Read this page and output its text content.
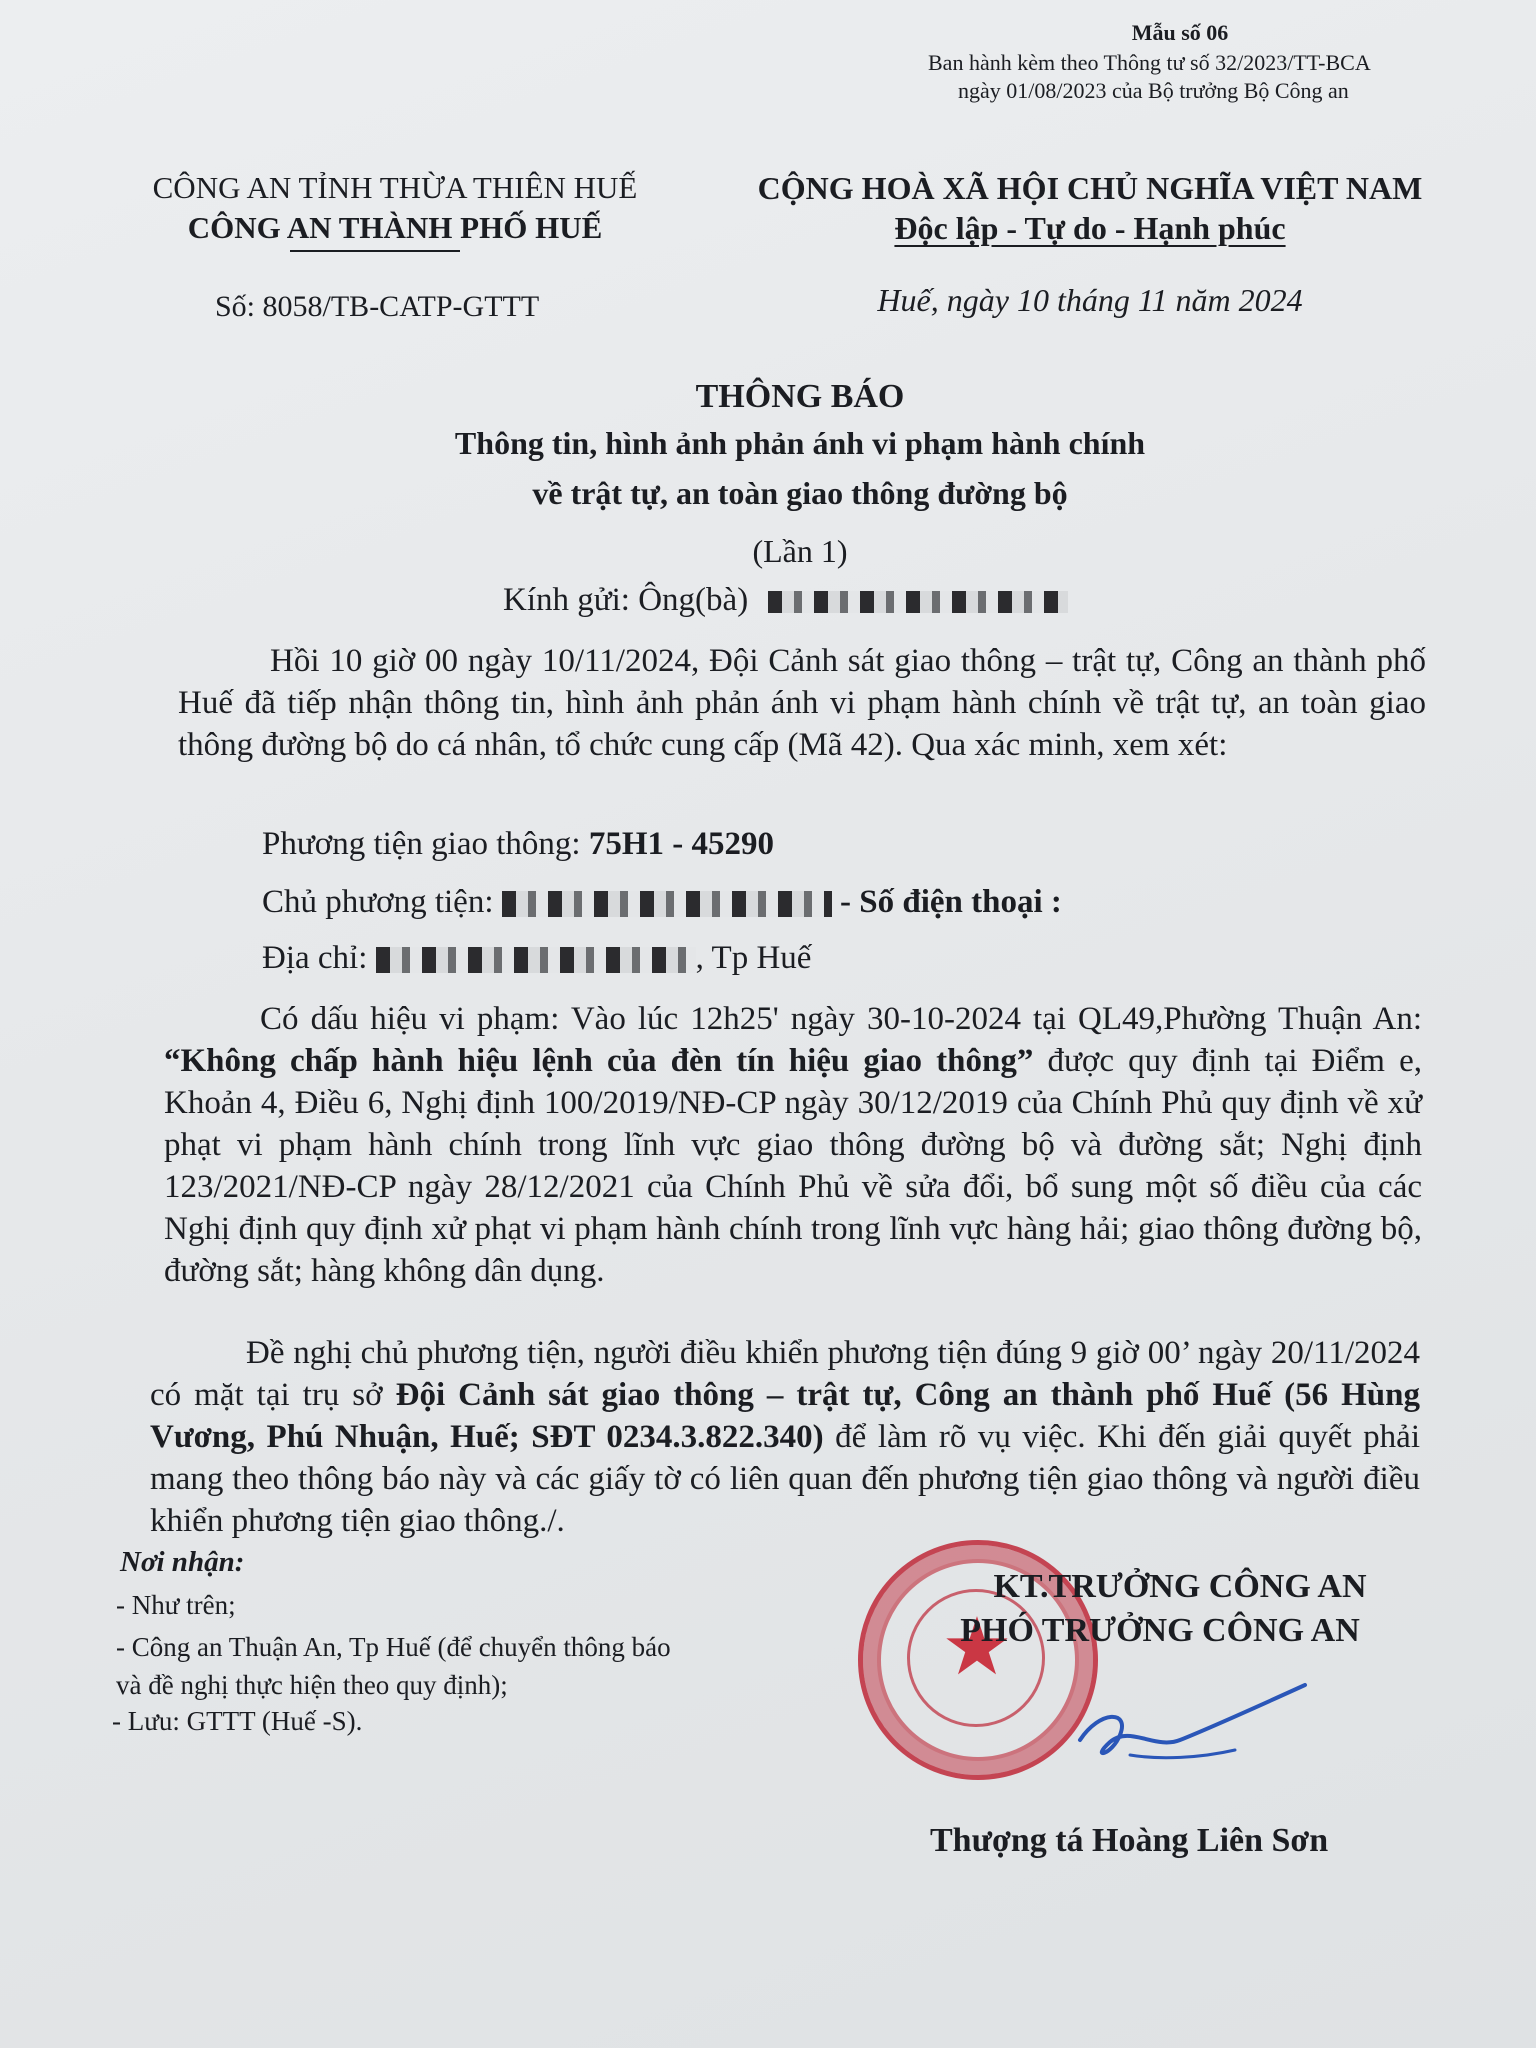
Mẫu số 06
Ban hành kèm theo Thông tư số 32/2023/TT-BCA
ngày 01/08/2023 của Bộ trưởng Bộ Công an
CÔNG AN TỈNH THỪA THIÊN HUẾ
CÔNG AN THÀNH PHỐ HUẾ
Số: 8058/TB-CATP-GTTT
CỘNG HOÀ XÃ HỘI CHỦ NGHĨA VIỆT NAM
Độc lập - Tự do - Hạnh phúc
Huế, ngày 10 tháng 11 năm 2024
THÔNG BÁO
Thông tin, hình ảnh phản ánh vi phạm hành chính
về trật tự, an toàn giao thông đường bộ
(Lần 1)
Kính gửi: Ông(bà)
Hồi 10 giờ 00 ngày 10/11/2024, Đội Cảnh sát giao thông – trật tự, Công an thành phố Huế đã tiếp nhận thông tin, hình ảnh phản ánh vi phạm hành chính về trật tự, an toàn giao thông đường bộ do cá nhân, tổ chức cung cấp (Mã 42). Qua xác minh, xem xét:
Phương tiện giao thông: 75H1 - 45290
Chủ phương tiện:	- Số điện thoại :
Địa chỉ:	, Tp Huế
Có dấu hiệu vi phạm: Vào lúc 12h25' ngày 30-10-2024 tại QL49,Phường Thuận An: “Không chấp hành hiệu lệnh của đèn tín hiệu giao thông” được quy định tại Điểm e, Khoản 4, Điều 6, Nghị định 100/2019/NĐ-CP ngày 30/12/2019 của Chính Phủ quy định về xử phạt vi phạm hành chính trong lĩnh vực giao thông đường bộ và đường sắt; Nghị định 123/2021/NĐ-CP ngày 28/12/2021 của Chính Phủ về sửa đổi, bổ sung một số điều của các Nghị định quy định xử phạt vi phạm hành chính trong lĩnh vực hàng hải; giao thông đường bộ, đường sắt; hàng không dân dụng.
Đề nghị chủ phương tiện, người điều khiển phương tiện đúng 9 giờ 00’ ngày 20/11/2024 có mặt tại trụ sở Đội Cảnh sát giao thông – trật tự, Công an thành phố Huế (56 Hùng Vương, Phú Nhuận, Huế; SĐT 0234.3.822.340) để làm rõ vụ việc. Khi đến giải quyết phải mang theo thông báo này và các giấy tờ có liên quan đến phương tiện giao thông và người điều khiển phương tiện giao thông./.
Nơi nhận:
- Như trên;
- Công an Thuận An, Tp Huế (để chuyển thông báo
và đề nghị thực hiện theo quy định);
- Lưu: GTTT (Huế -S).
★
KT.TRƯỞNG CÔNG AN
PHÓ TRƯỞNG CÔNG AN
Thượng tá Hoàng Liên Sơn
